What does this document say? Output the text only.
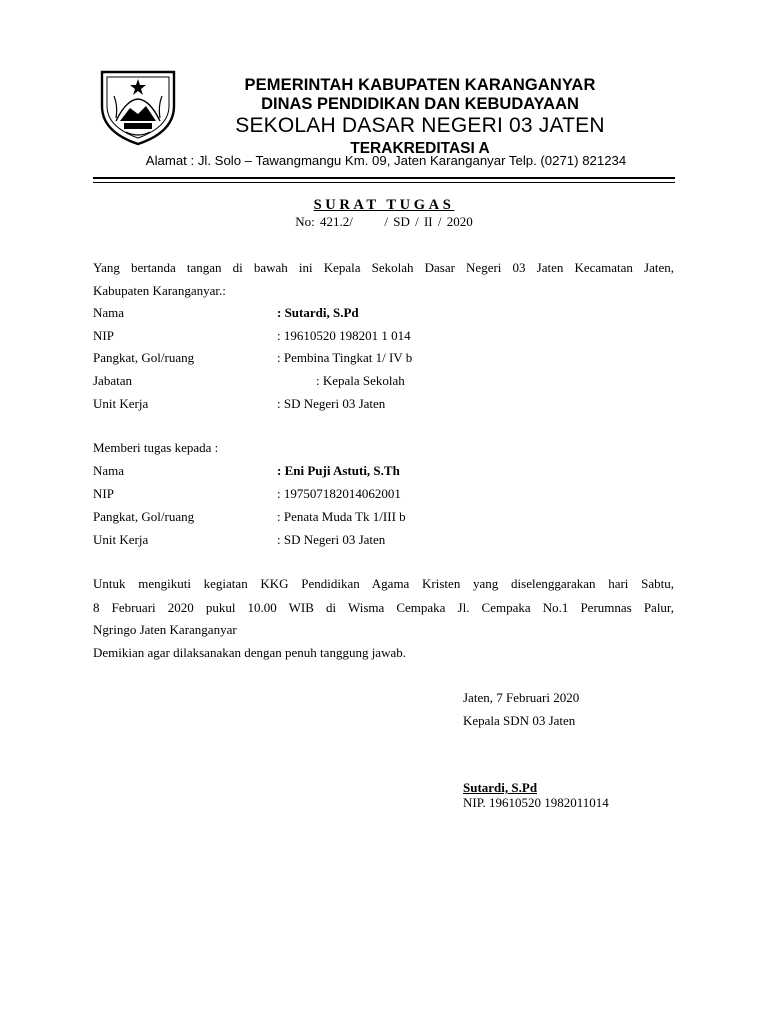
PEMERINTAH KABUPATEN KARANGANYAR
DINAS PENDIDIKAN DAN KEBUDAYAAN
SEKOLAH DASAR NEGERI 03 JATEN
TERAKREDITASI A
Alamat : Jl. Solo – Tawangmangu Km. 09, Jaten Karanganyar Telp. (0271) 821234
SURAT TUGAS
No: 421.2/ / SD / II / 2020
Yang bertanda tangan di bawah ini Kepala Sekolah Dasar Negeri 03 Jaten Kecamatan Jaten,
Kabupaten Karanganyar.:
Nama	: Sutardi, S.Pd
NIP	: 19610520 198201 1 014
Pangkat, Gol/ruang	: Pembina Tingkat 1/ IV b
Jabatan	: Kepala Sekolah
Unit Kerja	: SD Negeri 03 Jaten
Memberi tugas kepada :
Nama	: Eni Puji Astuti, S.Th
NIP	: 197507182014062001
Pangkat, Gol/ruang	: Penata Muda Tk 1/III b
Unit Kerja	: SD Negeri 03 Jaten
Untuk mengikuti kegiatan KKG Pendidikan Agama Kristen yang diselenggarakan hari Sabtu,
8 Februari 2020 pukul 10.00 WIB di Wisma Cempaka Jl. Cempaka No.1 Perumnas Palur,
Ngringo Jaten Karanganyar
Demikian agar dilaksanakan dengan penuh tanggung jawab.
Jaten, 7 Februari 2020
Kepala SDN 03 Jaten
Sutardi, S.Pd
NIP. 19610520 1982011014
